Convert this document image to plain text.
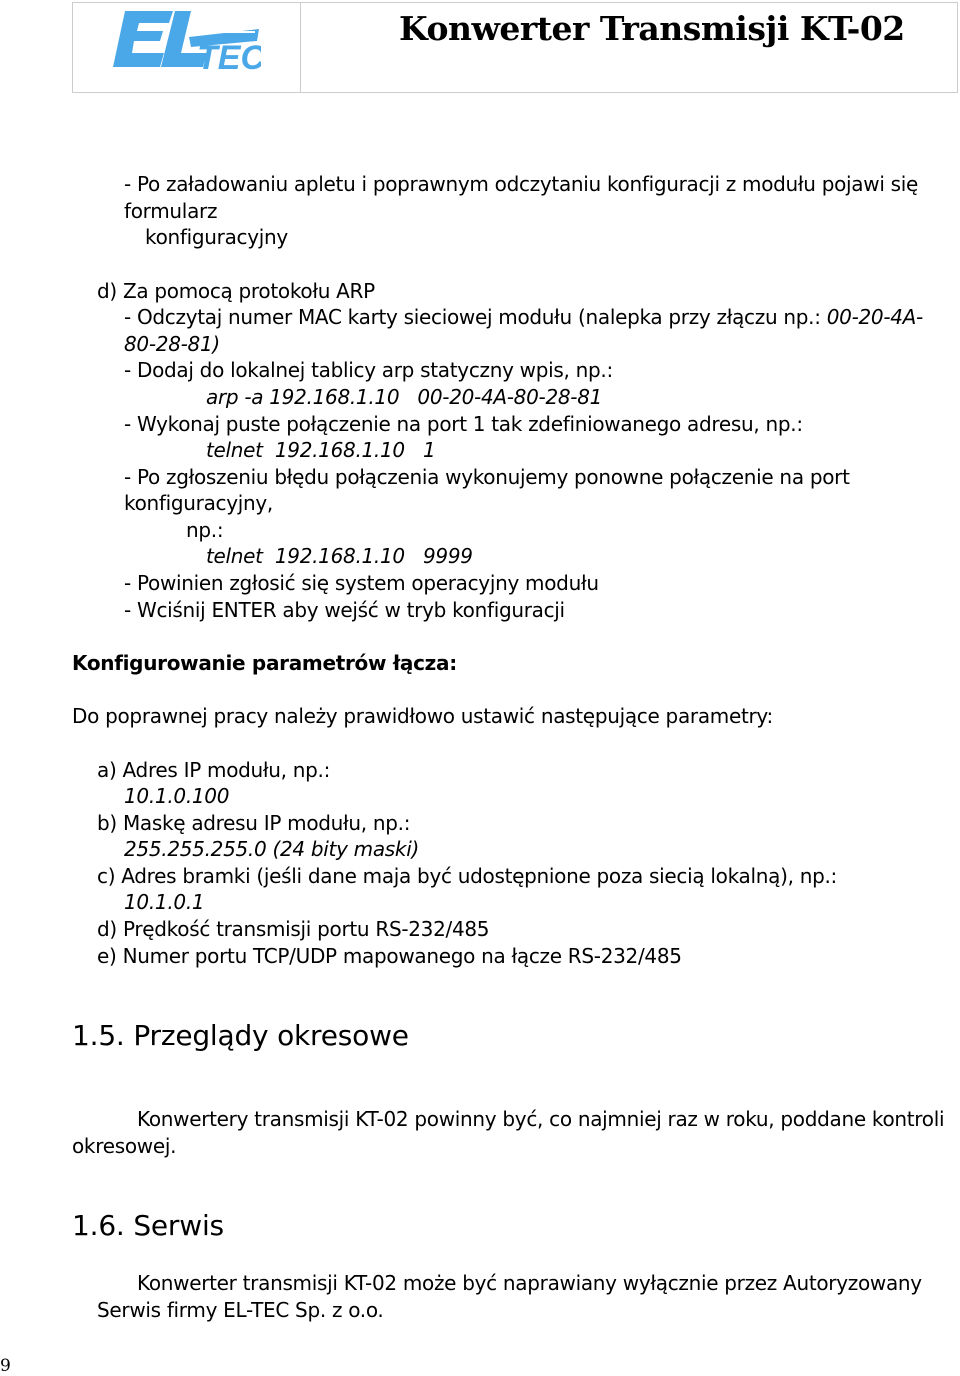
TEC
Konwerter Transmisji KT-02
- Po załadowaniu apletu i poprawnym odczytaniu konfiguracji z modułu pojawi się
formularz
konfiguracyjny
d) Za pomocą protokołu ARP
- Odczytaj numer MAC karty sieciowej modułu (nalepka przy złączu np.: 00-20-4A-
80-28-81)
- Dodaj do lokalnej tablicy arp statyczny wpis, np.:
arp -a 192.168.1.10   00-20-4A-80-28-81
- Wykonaj puste połączenie na port 1 tak zdefiniowanego adresu, np.:
telnet  192.168.1.10   1
- Po zgłoszeniu błędu połączenia wykonujemy ponowne połączenie na port
konfiguracyjny,
np.:
telnet  192.168.1.10   9999
- Powinien zgłosić się system operacyjny modułu
- Wciśnij ENTER aby wejść w tryb konfiguracji
Konfigurowanie parametrów łącza:
Do poprawnej pracy należy prawidłowo ustawić następujące parametry:
a) Adres IP modułu, np.:
10.1.0.100
b) Maskę adresu IP modułu, np.:
255.255.255.0 (24 bity maski)
c) Adres bramki (jeśli dane maja być udostępnione poza siecią lokalną), np.:
10.1.0.1
d) Prędkość transmisji portu RS-232/485
e) Numer portu TCP/UDP mapowanego na łącze RS-232/485
1.5. Przeglądy okresowe
Konwertery transmisji KT-02 powinny być, co najmniej raz w roku, poddane kontroli
okresowej.
1.6. Serwis
Konwerter transmisji KT-02 może być naprawiany wyłącznie przez Autoryzowany
Serwis firmy EL-TEC Sp. z o.o.
9
